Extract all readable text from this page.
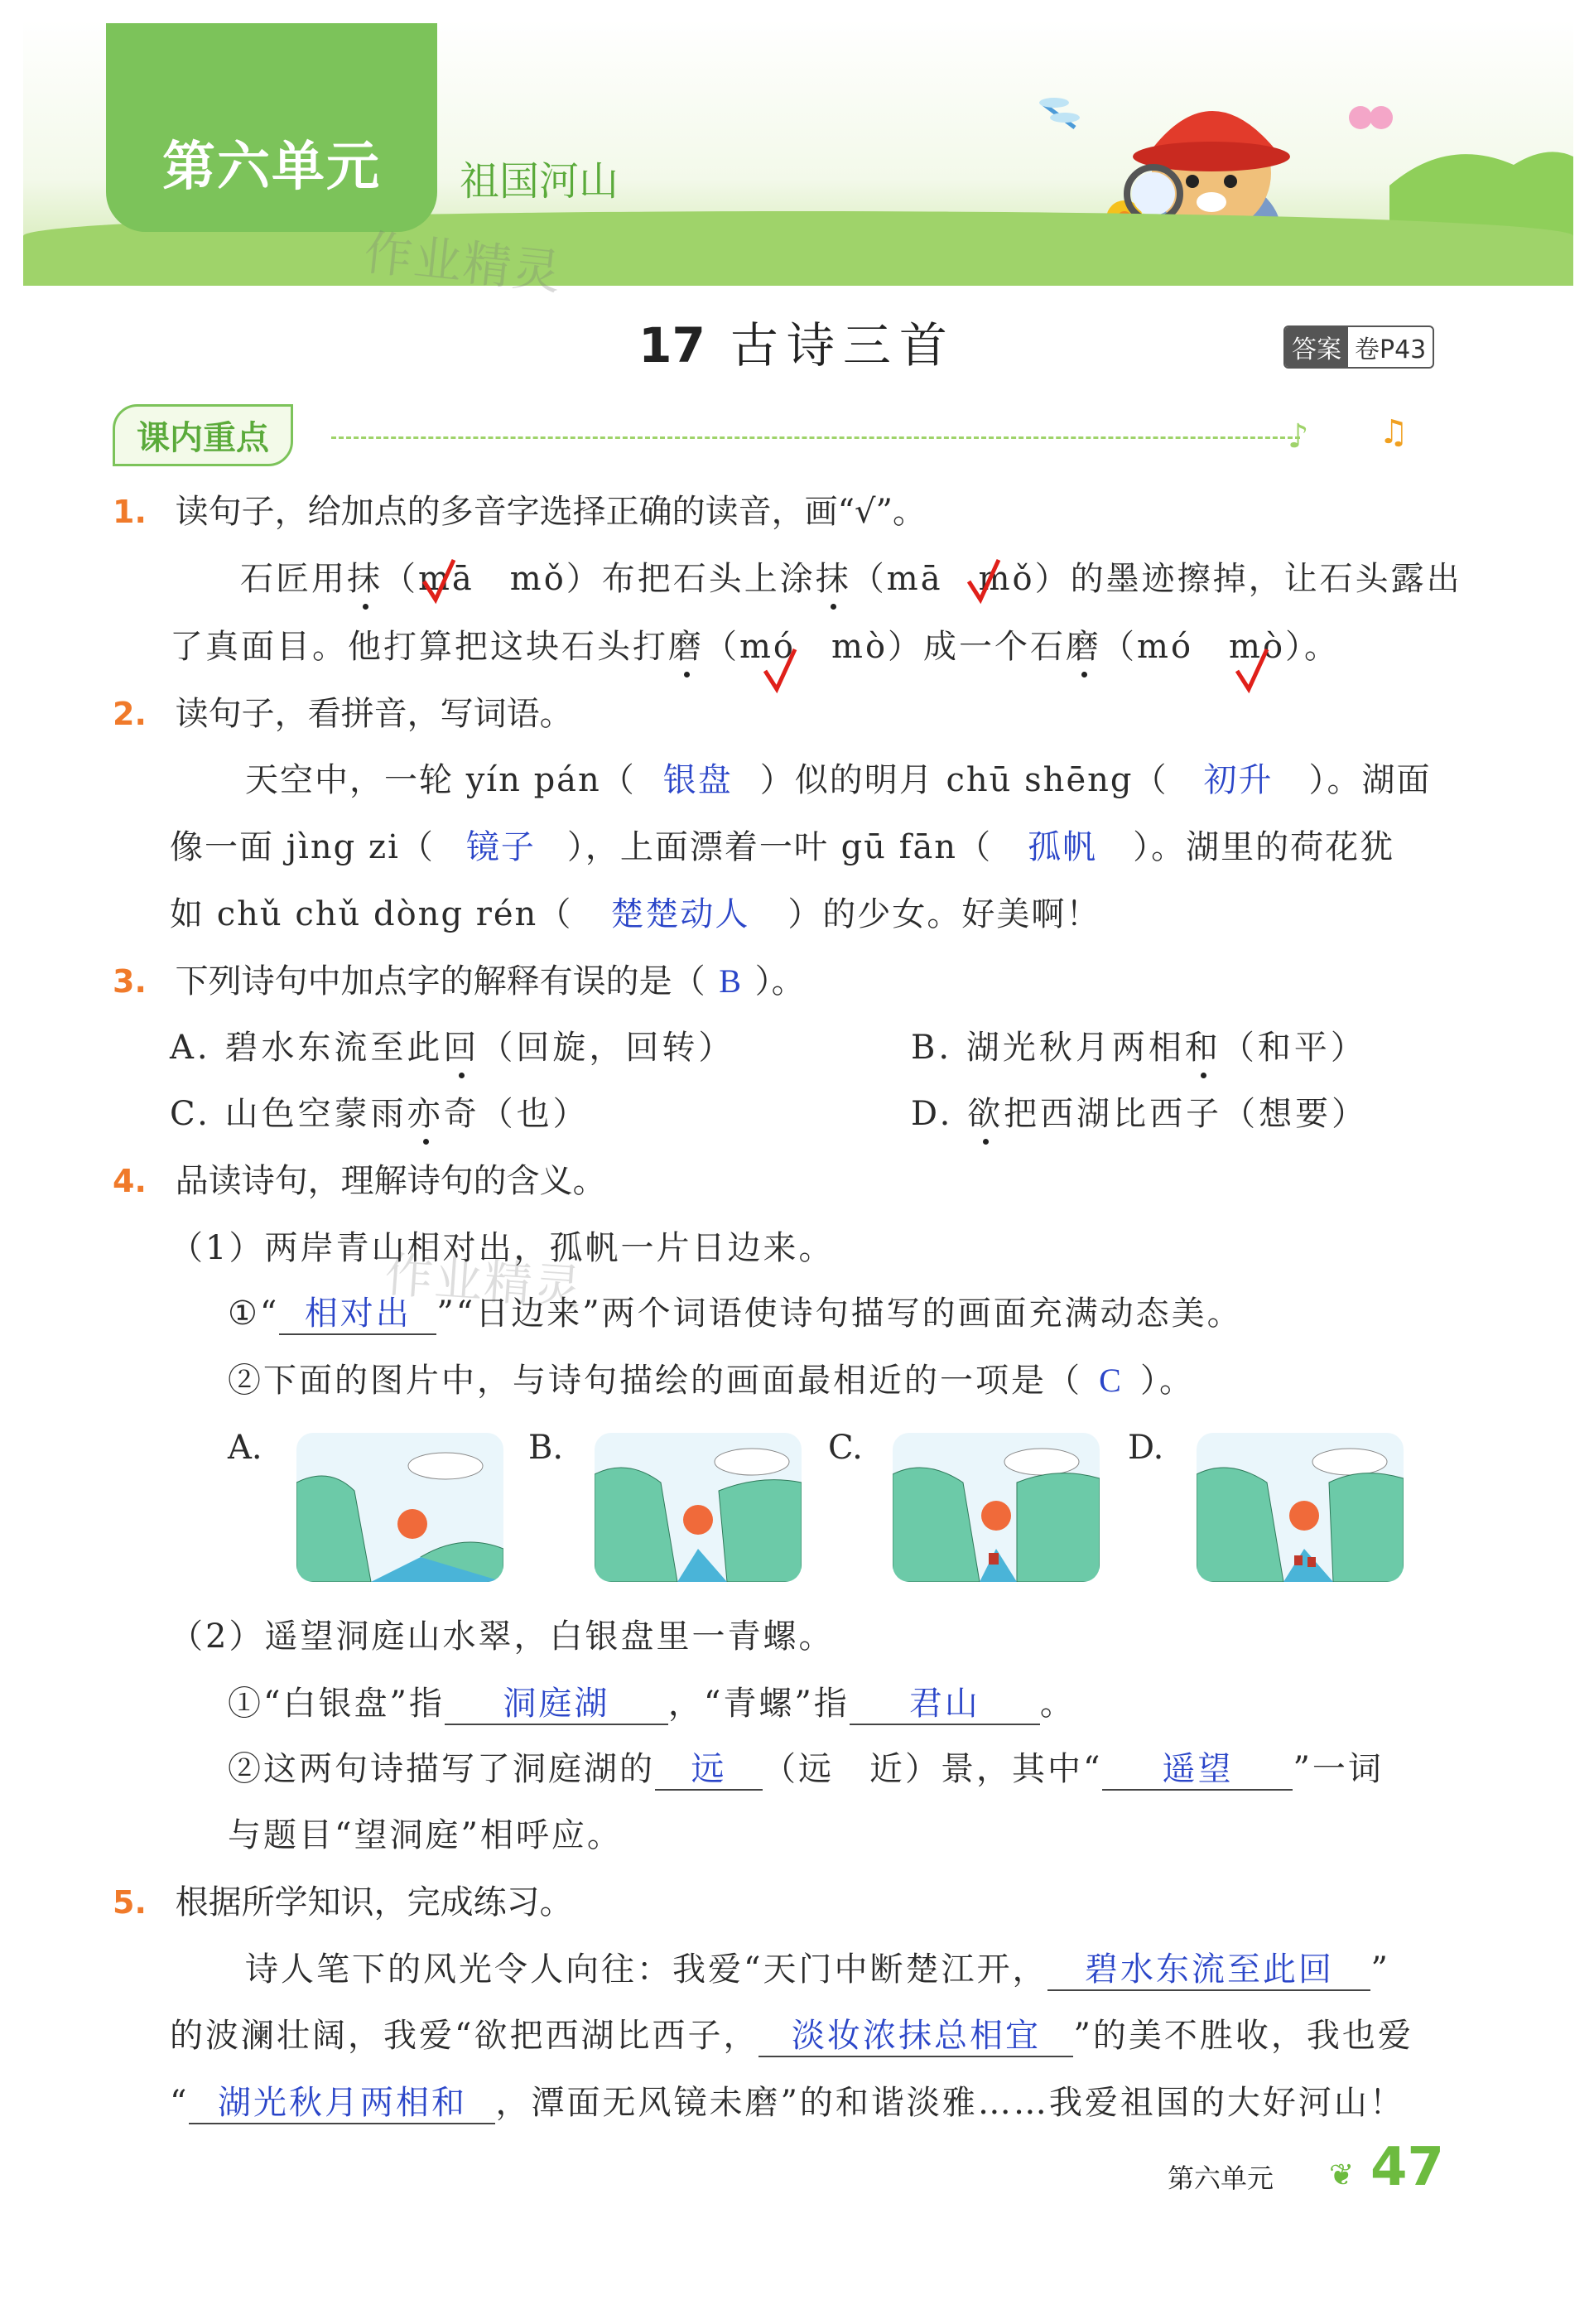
第六单元	祖国河山
作业精灵
作业精灵
17 古诗三首	答案 卷P43
课内重点	♪ ♫
1. 读句子，给加点的多音字选择正确的读音，画“√”。
石匠用抹（mā　mǒ）布把石头上涂抹（mā　mǒ）的墨迹擦掉，让石头露出
了真面目。他打算把这块石头打磨（mó　mò）成一个石磨（mó　mò）。
2. 读句子，看拼音，写词语。
天空中，一轮 yín pán（ 银盘 ）似的明月 chū shēng（ 初升 ）。湖面
像一面 jìng zi（ 镜子 ），上面漂着一叶 gū fān（ 孤帆 ）。湖里的荷花犹
如 chǔ chǔ dòng rén（ 楚楚动人 ）的少女。好美啊！
3. 下列诗句中加点字的解释有误的是（ B ）。
A. 碧水东流至此回（回旋，回转）	B. 湖光秋月两相和（和平）
C. 山色空蒙雨亦奇（也）	D. 欲把西湖比西子（想要）
4. 品读诗句，理解诗句的含义。
（1）两岸青山相对出，孤帆一片日边来。
①“ 相对出 ”“日边来”两个词语使诗句描写的画面充满动态美。
②下面的图片中，与诗句描绘的画面最相近的一项是（ C ）。
A.	B.	C.	D.
（2）遥望洞庭山水翠，白银盘里一青螺。
①“白银盘”指 洞庭湖 ，“青螺”指 君山 。
②这两句诗描写了洞庭湖的 远 （远　近）景，其中“ 遥望 ”一词
与题目“望洞庭”相呼应。
5. 根据所学知识，完成练习。
诗人笔下的风光令人向往：我爱“天门中断楚江开， 碧水东流至此回 ”
的波澜壮阔，我爱“欲把西湖比西子， 淡妆浓抹总相宜 ”的美不胜收，我也爱
“ 湖光秋月两相和 ，潭面无风镜未磨”的和谐淡雅……我爱祖国的大好河山！
第六单元 ❦ 47
